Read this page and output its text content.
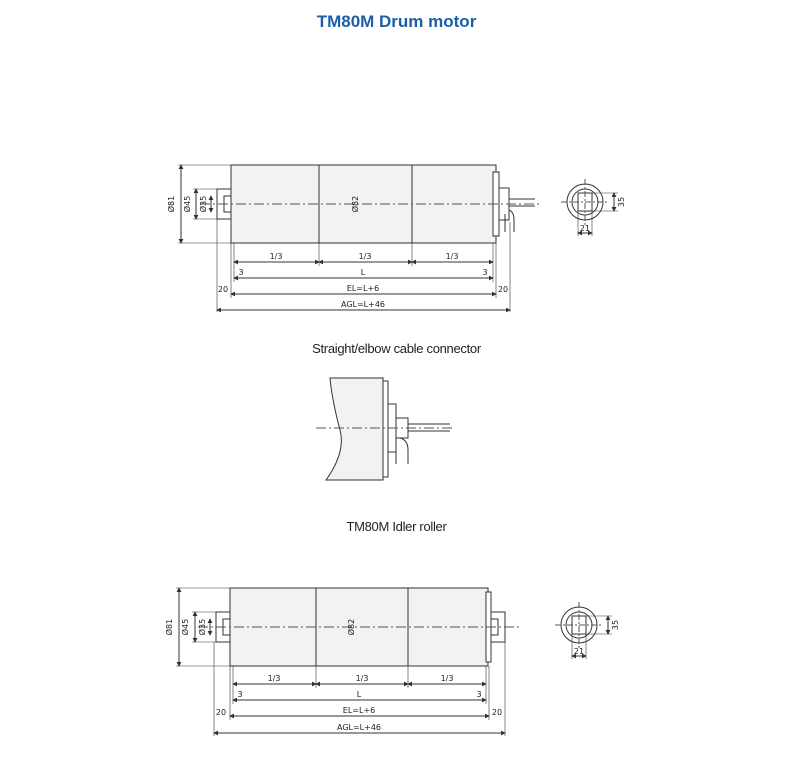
TM80M Drum motor
Straight/elbow cable connector
TM80M Idler roller
Ø81 Ø45 Ø35	Ø82
1/3	1/3	1/3
3	L	3
20	EL=L+6	20
AGL=L+46
35
21
Ø81 Ø45 Ø35	Ø82
1/3	1/3	1/3
3	L	3
20	EL=L+6	20
AGL=L+46
35
21
